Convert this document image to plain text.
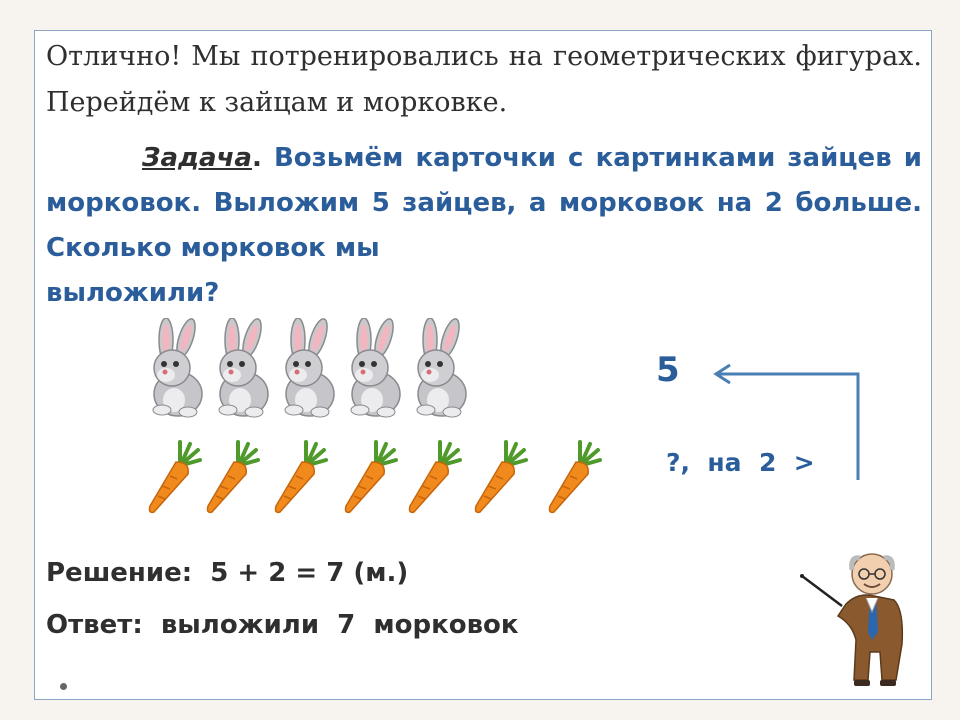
Отлично! Мы потренировались на геометрических фигурах. Перейдём к зайцам и морковке.

Задача. Возьмём карточки с картинками зайцев и морковок. Выложим 5 зайцев, а морковок на 2 больше. Сколько морковок мы
выложили?

5
?,  на  2  >
Решение:  5 + 2 = 7 (м.)
Ответ:  выложили  7  морковок
